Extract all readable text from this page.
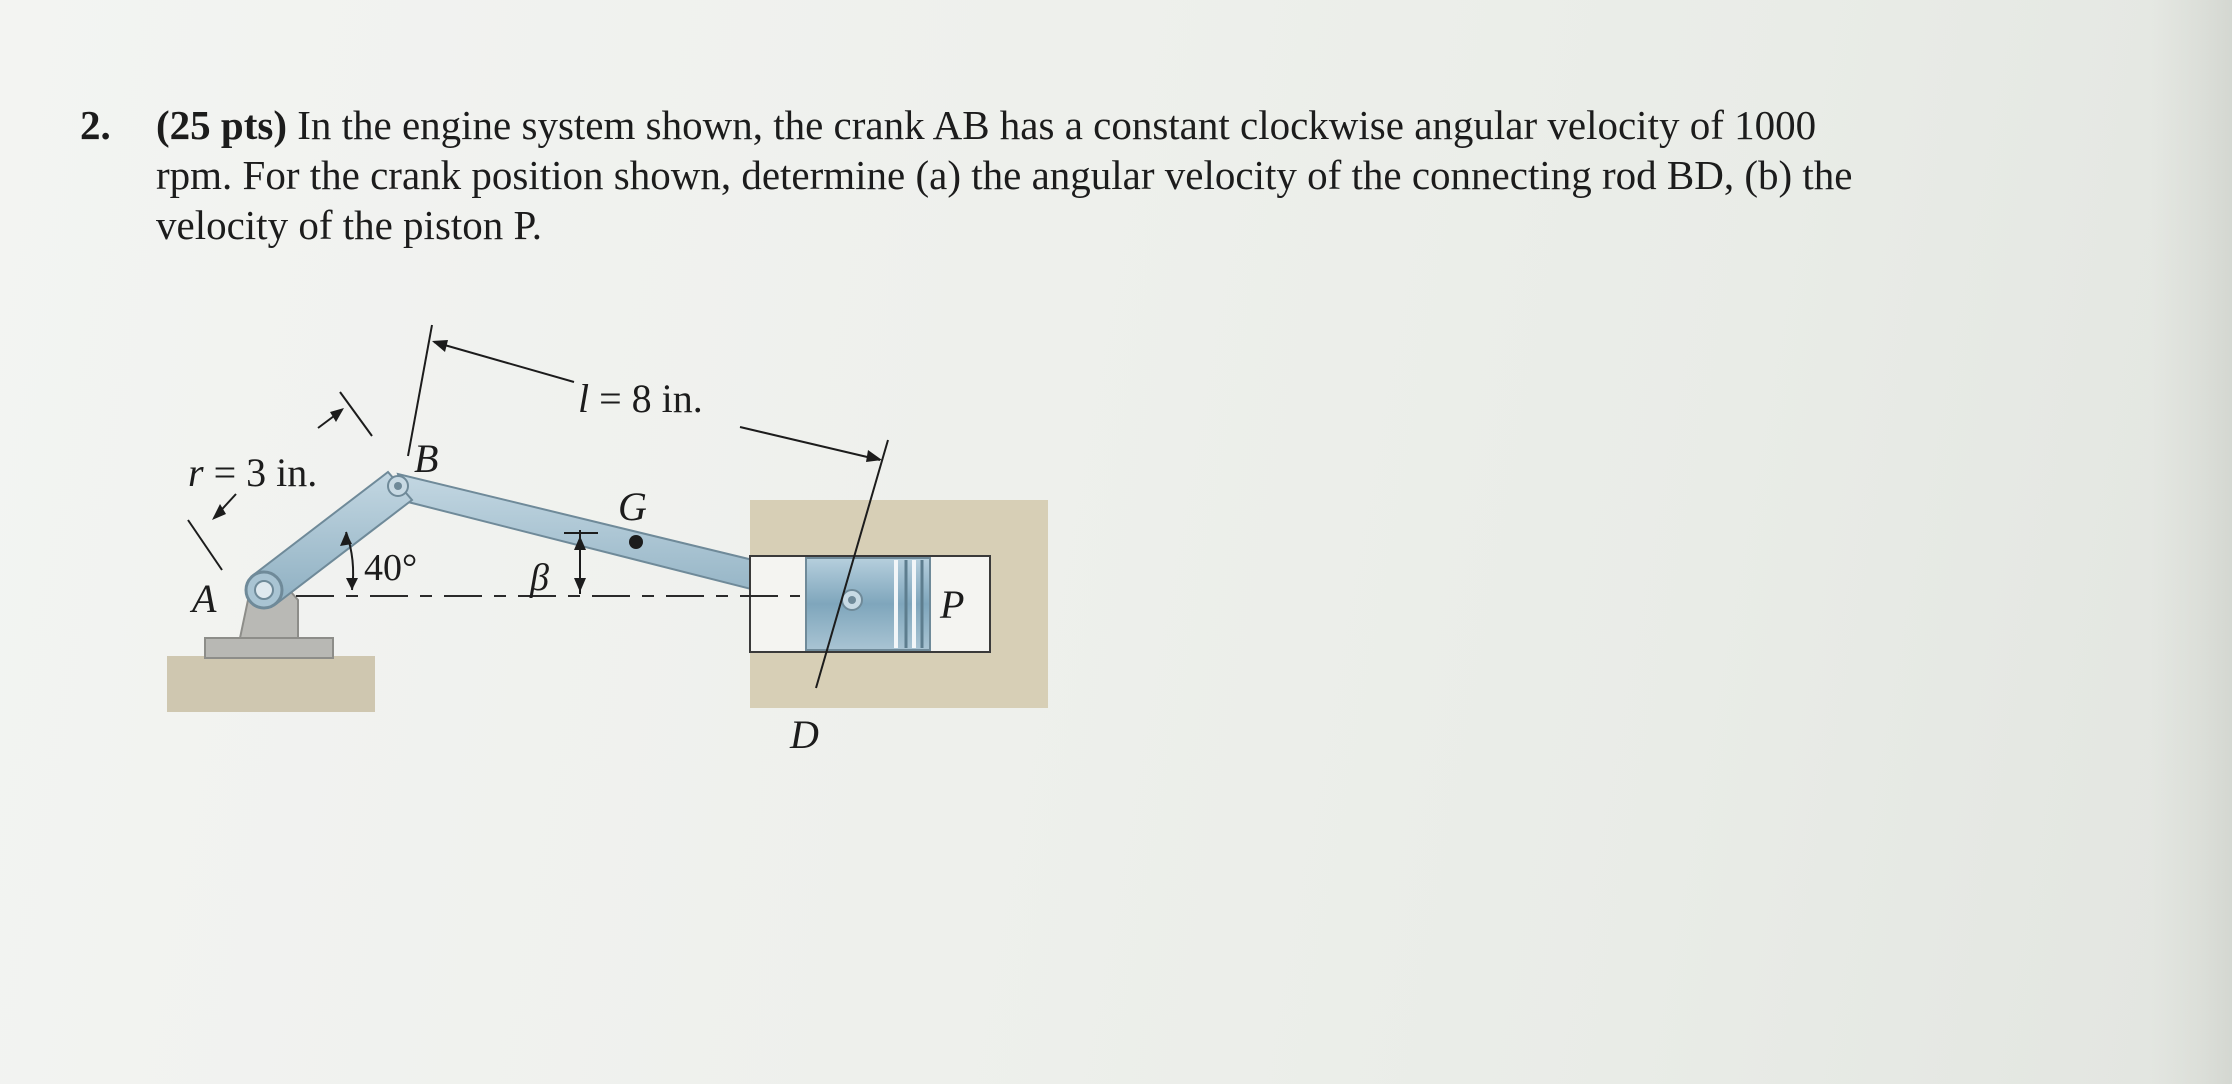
2. (25 pts) In the engine system shown, the crank AB has a constant clockwise angular velocity of 1000
rpm. For the crank position shown, determine (a) the angular velocity of the connecting rod BD, (b) the
velocity of the piston P.
r = 3 in.
l = 8 in.
40°	β
A
B
G
D
P
